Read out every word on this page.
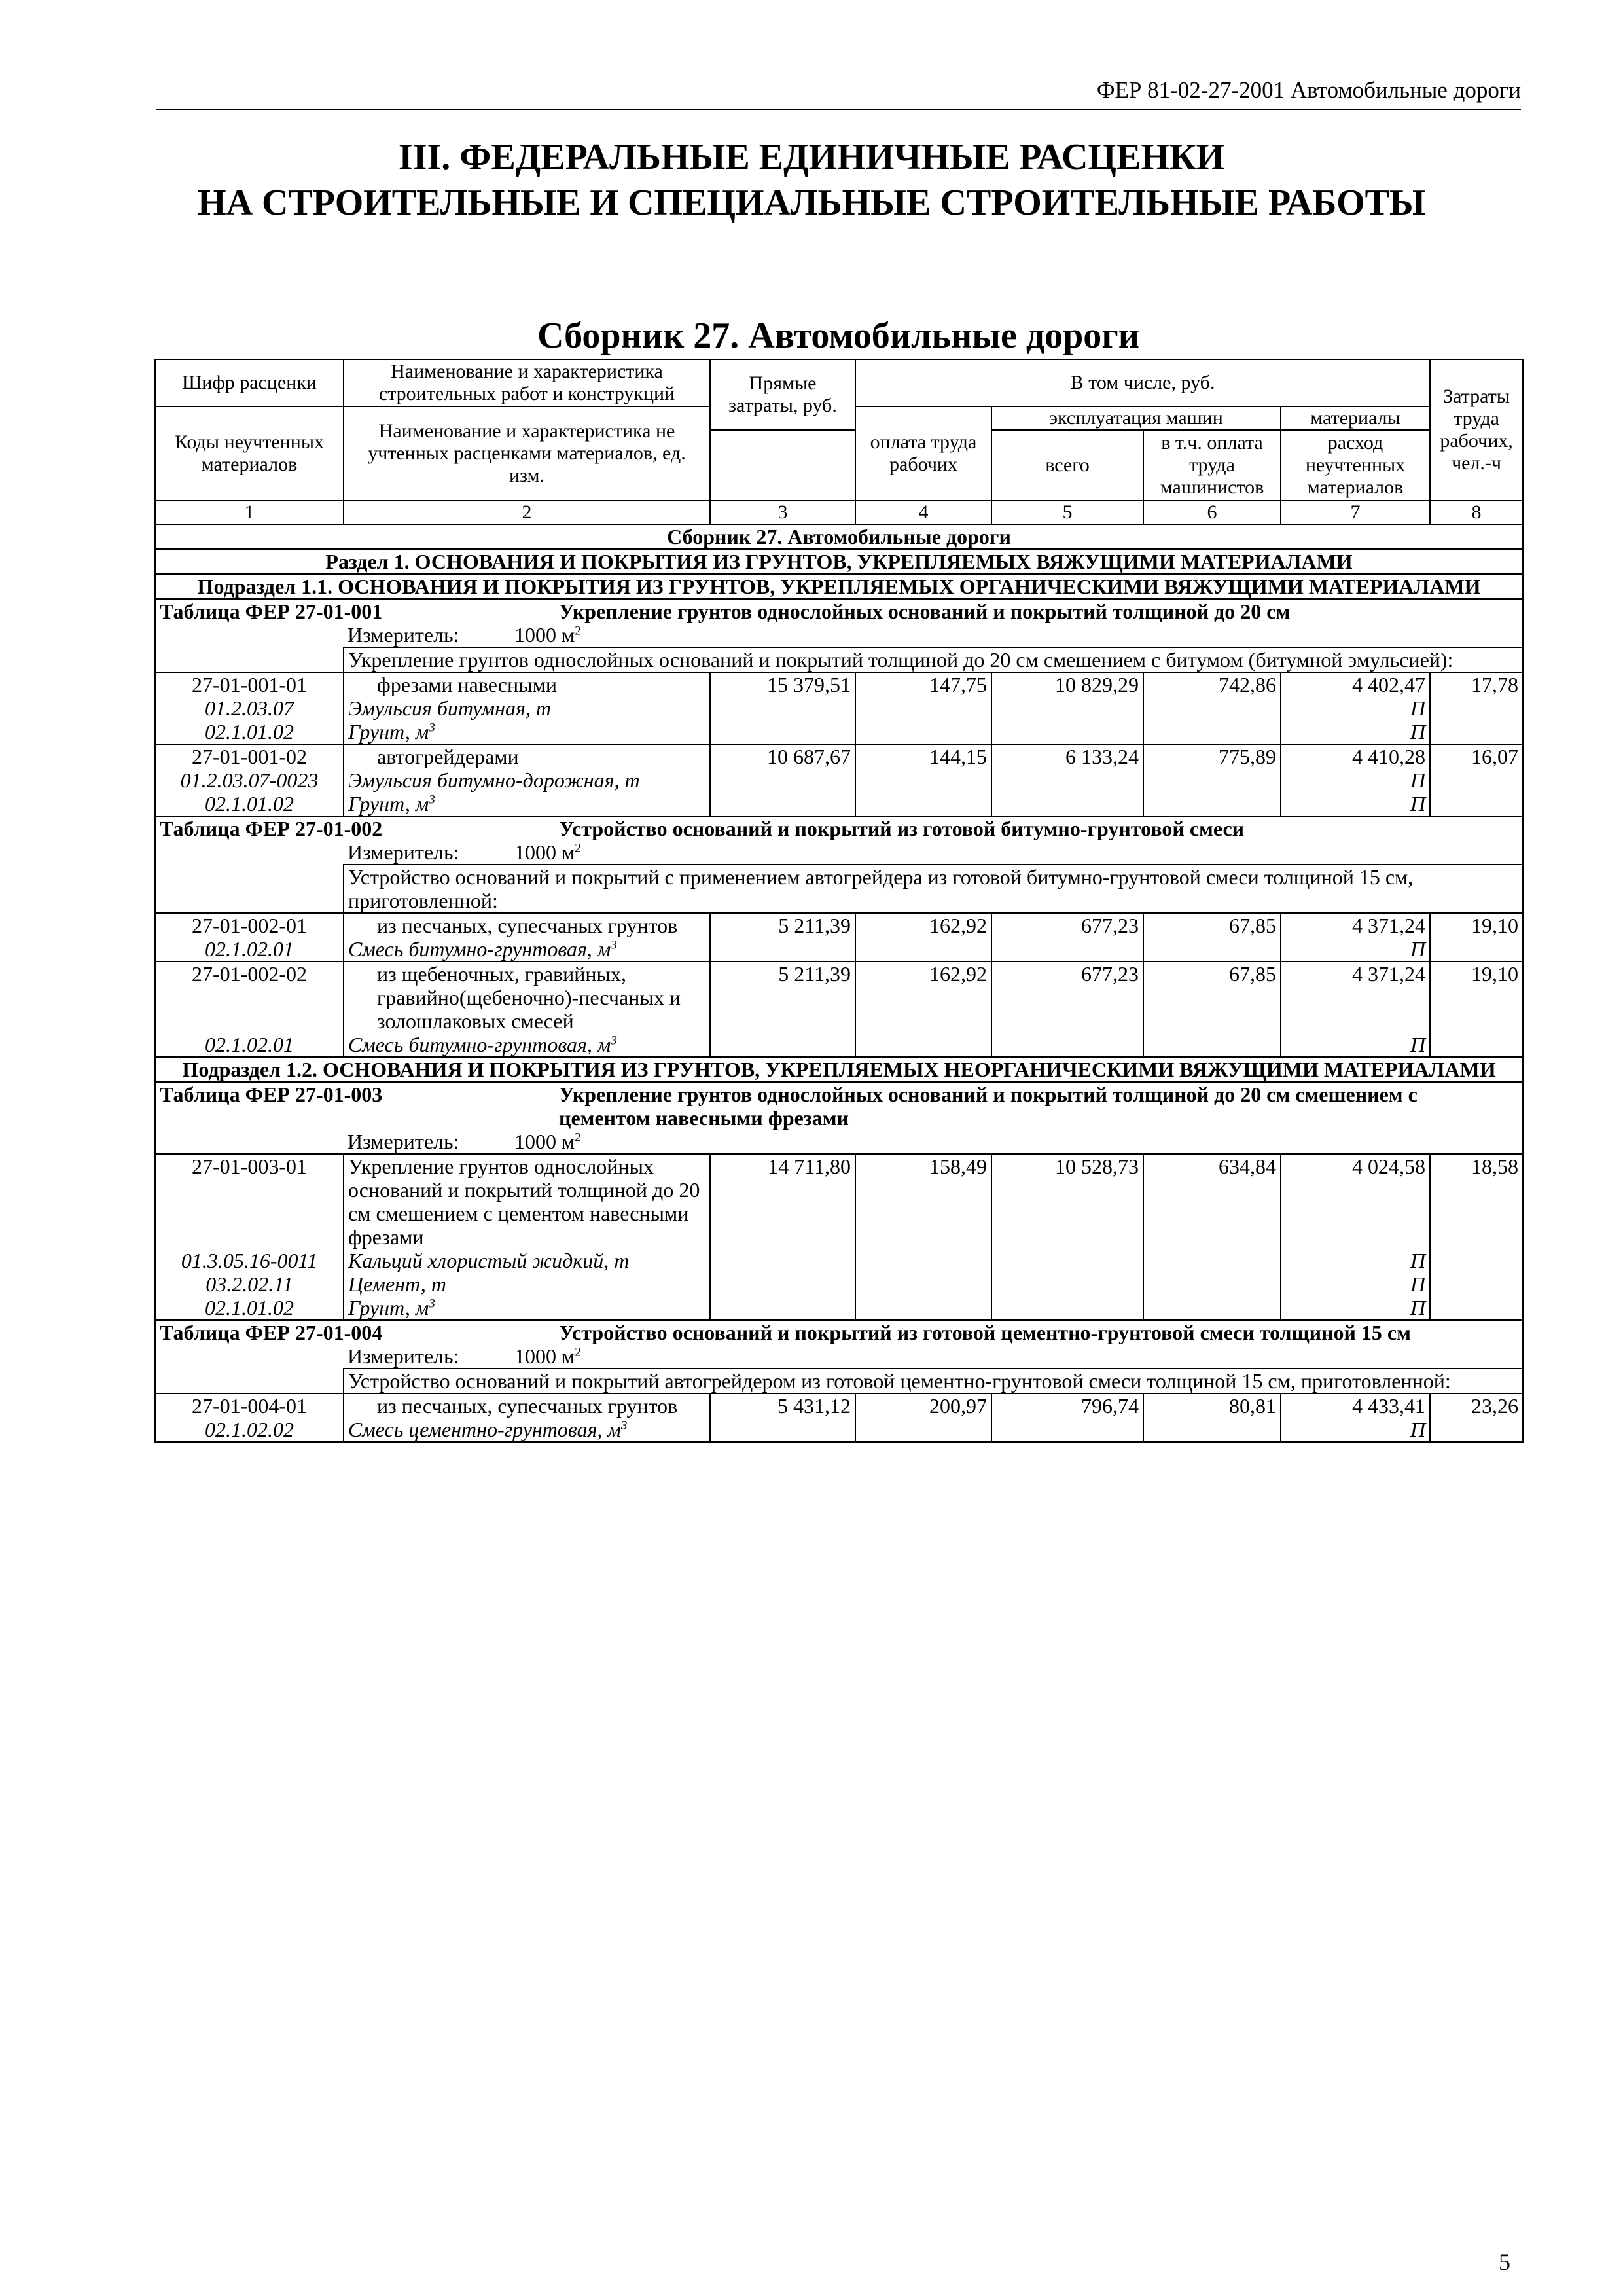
ФЕР 81-02-27-2001 Автомобильные дороги
III. ФЕДЕРАЛЬНЫЕ ЕДИНИЧНЫЕ РАСЦЕНКИ
НА СТРОИТЕЛЬНЫЕ И СПЕЦИАЛЬНЫЕ СТРОИТЕЛЬНЫЕ РАБОТЫ
Сборник 27. Автомобильные дороги
Шифр расценки	Наименование и характеристика строительных работ и конструкций	Прямые затраты, руб.	В том числе, руб.				Затраты труда рабочих, чел.-ч
Коды неучтенных материалов	Наименование и характеристика не учтенных расценками материалов, ед. изм.		оплата труда рабочих	эксплуатация машин		материалы	
				всего	в т.ч. оплата труда машинистов	расход неучтенных материалов	
1	2	3	4	5	6	7	8
Сборник 27. Автомобильные дороги							
Раздел 1. ОСНОВАНИЯ И ПОКРЫТИЯ ИЗ ГРУНТОВ, УКРЕПЛЯЕМЫХ ВЯЖУЩИМИ МАТЕРИАЛАМИ							
Подраздел 1.1. ОСНОВАНИЯ И ПОКРЫТИЯ ИЗ ГРУНТОВ, УКРЕПЛЯЕМЫХ ОРГАНИЧЕСКИМИ ВЯЖУЩИМИ МАТЕРИАЛАМИ							
Таблица ФЕР 27-01-001 Укрепление грунтов однослойных оснований и покрытий толщиной до 20 см							
	Измеритель: 1000 $м^2$
	Укрепление грунтов однослойных оснований и покрытий толщиной до 20 см смешением с битумом (битумной эмульсией):						
27-01-001-01	фрезами навесными	15 379,51	147,75	10 829,29	742,86	4 402,47	17,78
01.2.03.07	Эмульсия битумная, т					П	
02.1.01.02	Грунт, $м^3$					П	
27-01-001-02	автогрейдерами	10 687,67	144,15	6 133,24	775,89	4 410,28	16,07
01.2.03.07-0023	Эмульсия битумно-дорожная, т					П	
02.1.01.02	Грунт, $м^3$					П	
Таблица ФЕР 27-01-002 Устройство оснований и покрытий из готовой битумно-грунтовой смеси							
	Измеритель: 1000 $м^2$
	Устройство оснований и покрытий с применением автогрейдера из готовой битумно-грунтовой смеси толщиной 15 см, приготовленной:						
27-01-002-01	из песчаных, супесчаных грунтов	5 211,39	162,92	677,23	67,85	4 371,24	19,10
02.1.02.01	Смесь битумно-грунтовая, $м^3$					П	
27-01-002-02	из щебеночных, гравийных, гравийно(щебеночно)-песчаных и золошлаковых смесей	5 211,39	162,92	677,23	67,85	4 371,24	19,10
02.1.02.01	Смесь битумно-грунтовая, $м^3$					П	
Подраздел 1.2. ОСНОВАНИЯ И ПОКРЫТИЯ ИЗ ГРУНТОВ, УКРЕПЛЯЕМЫХ НЕОРГАНИЧЕСКИМИ ВЯЖУЩИМИ МАТЕРИАЛАМИ							
Таблица ФЕР 27-01-003 Укрепление грунтов однослойных оснований и покрытий толщиной до 20 см смешением с цементом навесными фрезами							
	Измеритель: 1000 $м^2$
27-01-003-01	Укрепление грунтов однослойных оснований и покрытий толщиной до 20 см смешением с цементом навесными фрезами	14 711,80	158,49	10 528,73	634,84	4 024,58	18,58
01.3.05.16-0011	Кальций хлористый жидкий, т					П	
03.2.02.11	Цемент, т					П	
02.1.01.02	Грунт, $м^3$					П	
Таблица ФЕР 27-01-004 Устройство оснований и покрытий из готовой цементно-грунтовой смеси толщиной 15 см							
	Измеритель: 1000 $м^2$
	Устройство оснований и покрытий автогрейдером из готовой цементно-грунтовой смеси толщиной 15 см, приготовленной:						
27-01-004-01	из песчаных, супесчаных грунтов	5 431,12	200,97	796,74	80,81	4 433,41	23,26
02.1.02.02	Смесь цементно-грунтовая, $м^3$					П	
5
